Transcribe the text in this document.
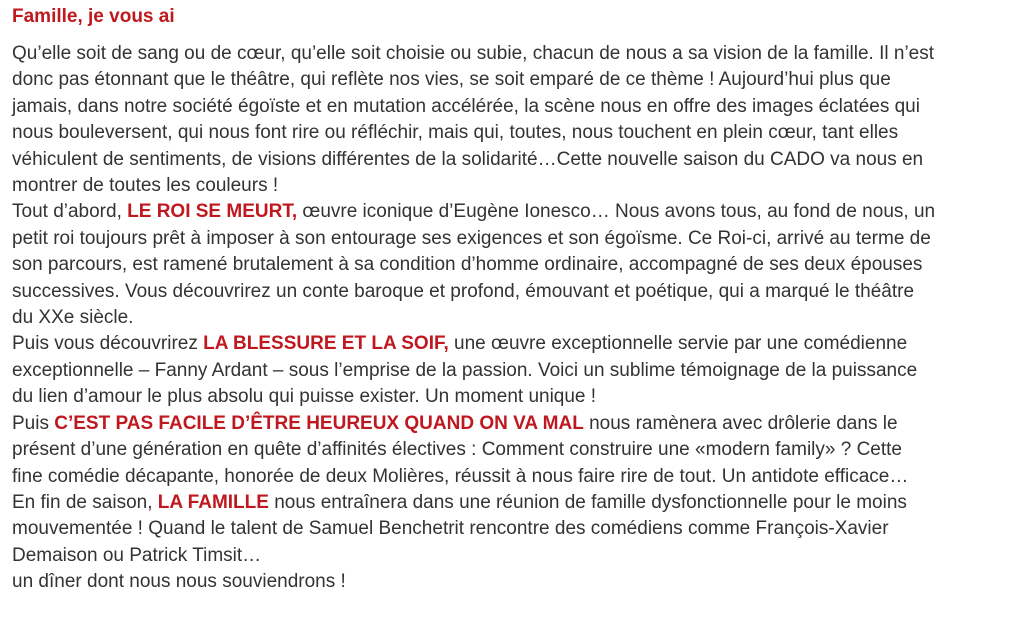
Famille, je vous ai
Qu’elle soit de sang ou de cœur, qu’elle soit choisie ou subie, chacun de nous a sa vision de la famille. Il n’est
donc pas étonnant que le théâtre, qui reflète nos vies, se soit emparé de ce thème ! Aujourd’hui plus que
jamais, dans notre société égoïste et en mutation accélérée, la scène nous en offre des images éclatées qui
nous bouleversent, qui nous font rire ou réfléchir, mais qui, toutes, nous touchent en plein cœur, tant elles
véhiculent de sentiments, de visions différentes de la solidarité…Cette nouvelle saison du CADO va nous en
montrer de toutes les couleurs !
Tout d’abord, LE ROI SE MEURT, œuvre iconique d’Eugène Ionesco… Nous avons tous, au fond de nous, un
petit roi toujours prêt à imposer à son entourage ses exigences et son égoïsme. Ce Roi-ci, arrivé au terme de
son parcours, est ramené brutalement à sa condition d’homme ordinaire, accompagné de ses deux épouses
successives. Vous découvrirez un conte baroque et profond, émouvant et poétique, qui a marqué le théâtre
du XXe siècle.
Puis vous découvrirez LA BLESSURE ET LA SOIF, une œuvre exceptionnelle servie par une comédienne
exceptionnelle – Fanny Ardant – sous l’emprise de la passion. Voici un sublime témoignage de la puissance
du lien d’amour le plus absolu qui puisse exister. Un moment unique !
Puis C’EST PAS FACILE D’ÊTRE HEUREUX QUAND ON VA MAL nous ramènera avec drôlerie dans le
présent d’une génération en quête d’affinités électives : Comment construire une «modern family» ? Cette
fine comédie décapante, honorée de deux Molières, réussit à nous faire rire de tout. Un antidote efficace…
En fin de saison, LA FAMILLE nous entraînera dans une réunion de famille dysfonctionnelle pour le moins
mouvementée ! Quand le talent de Samuel Benchetrit rencontre des comédiens comme François-Xavier
Demaison ou Patrick Timsit…
un dîner dont nous nous souviendrons !
